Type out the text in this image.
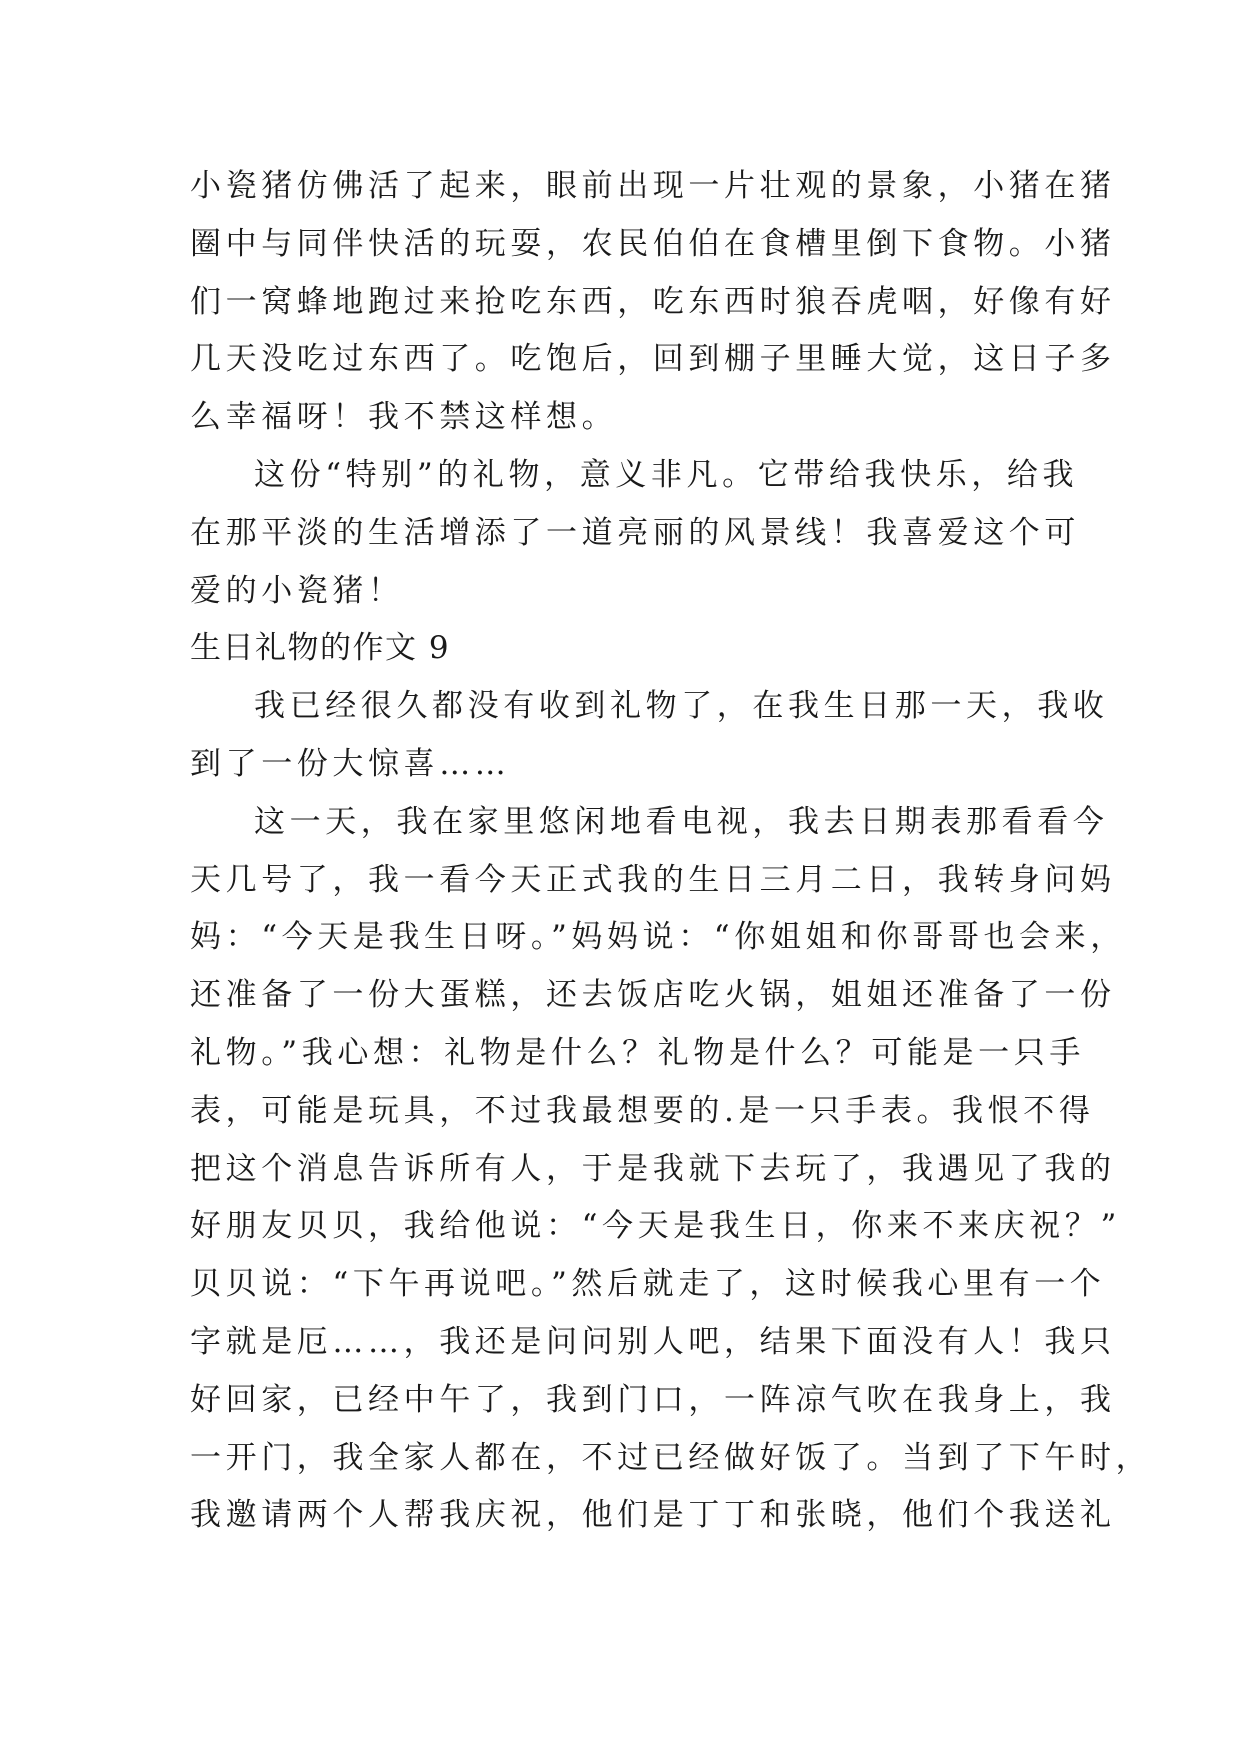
小瓷猪仿佛活了起来，眼前出现一片壮观的景象，小猪在猪
圈中与同伴快活的玩耍，农民伯伯在食槽里倒下食物。小猪
们一窝蜂地跑过来抢吃东西，吃东西时狼吞虎咽，好像有好
几天没吃过东西了。吃饱后，回到棚子里睡大觉，这日子多
么幸福呀！我不禁这样想。
这份“特别”的礼物，意义非凡。它带给我快乐，给我
在那平淡的生活增添了一道亮丽的风景线！我喜爱这个可
爱的小瓷猪！
生日礼物的作文 9
我已经很久都没有收到礼物了，在我生日那一天，我收
到了一份大惊喜……
这一天，我在家里悠闲地看电视，我去日期表那看看今
天几号了，我一看今天正式我的生日三月二日，我转身问妈
妈：“今天是我生日呀。”妈妈说：“你姐姐和你哥哥也会来，
还准备了一份大蛋糕，还去饭店吃火锅，姐姐还准备了一份
礼物。”我心想：礼物是什么？礼物是什么？可能是一只手
表，可能是玩具，不过我最想要的.是一只手表。我恨不得
把这个消息告诉所有人，于是我就下去玩了，我遇见了我的
好朋友贝贝，我给他说：“今天是我生日，你来不来庆祝？”
贝贝说：“下午再说吧。”然后就走了，这时候我心里有一个
字就是厄……，我还是问问别人吧，结果下面没有人！我只
好回家，已经中午了，我到门口，一阵凉气吹在我身上，我
一开门，我全家人都在，不过已经做好饭了。当到了下午时，
我邀请两个人帮我庆祝，他们是丁丁和张晓，他们个我送礼
